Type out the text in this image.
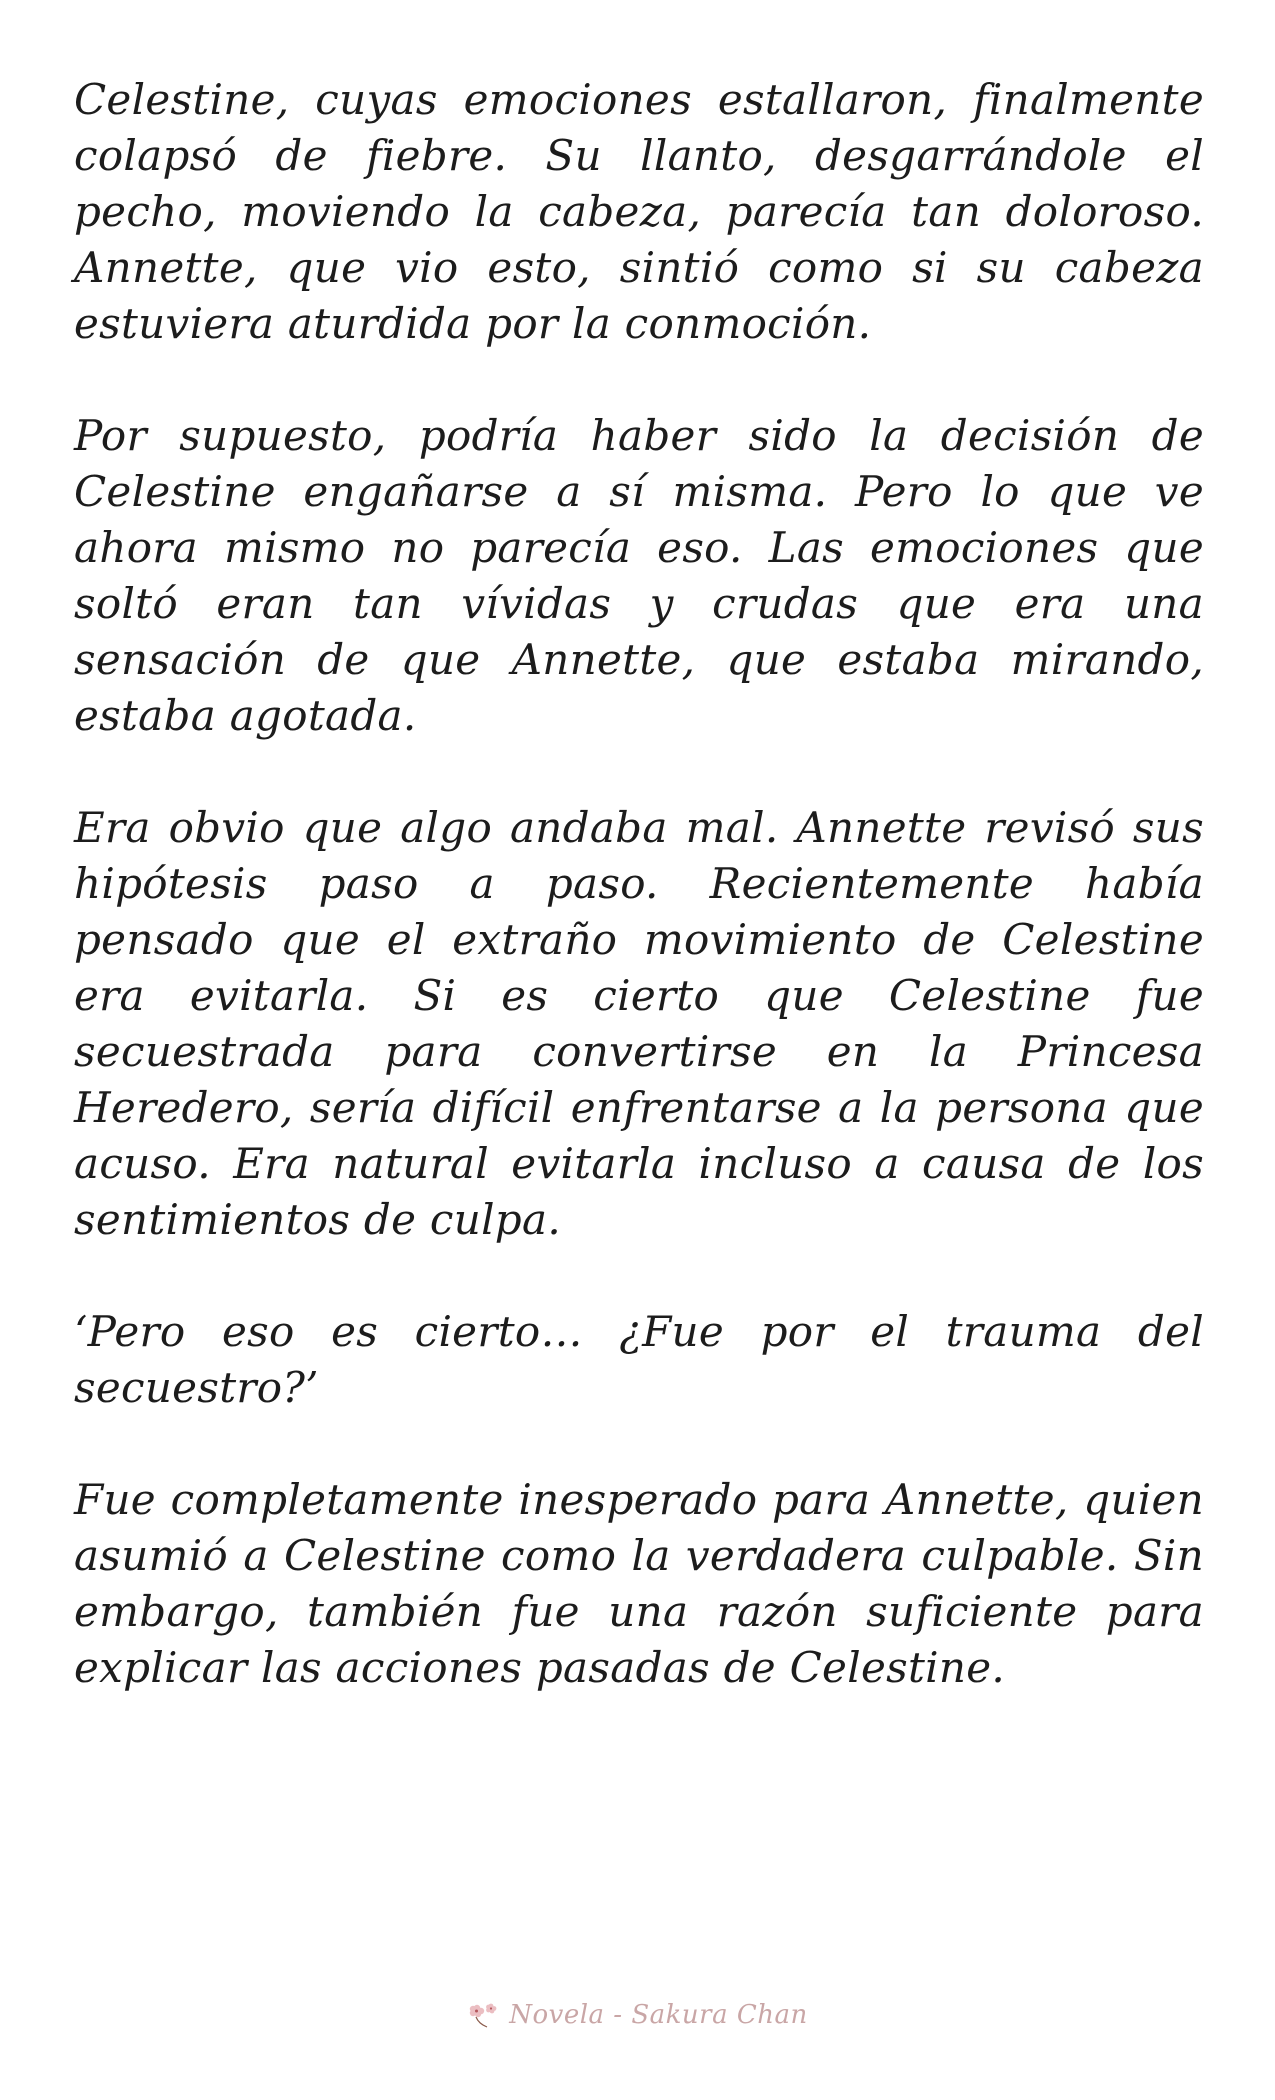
Celestine, cuyas emociones estallaron, finalmente colapsó de fiebre. Su llanto, desgarrándole el pecho, moviendo la cabeza, parecía tan doloroso. Annette, que vio esto, sintió como si su cabeza estuviera aturdida por la conmoción.

Por supuesto, podría haber sido la decisión de Celestine engañarse a sí misma. Pero lo que ve ahora mismo no parecía eso. Las emociones que soltó eran tan vívidas y crudas que era una sensación de que Annette, que estaba mirando, estaba agotada.

Era obvio que algo andaba mal. Annette revisó sus hipótesis paso a paso. Recientemente había pensado que el extraño movimiento de Celestine era evitarla. Si es cierto que Celestine fue secuestrada para convertirse en la Princesa Heredero, sería difícil enfrentarse a la persona que acuso. Era natural evitarla incluso a causa de los sentimientos de culpa.

‘Pero eso es cierto… ¿Fue por el trauma del secuestro?’

Fue completamente inesperado para Annette, quien asumió a Celestine como la verdadera culpable. Sin embargo, también fue una razón suficiente para explicar las acciones pasadas de Celestine.

Novela - Sakura Chan
